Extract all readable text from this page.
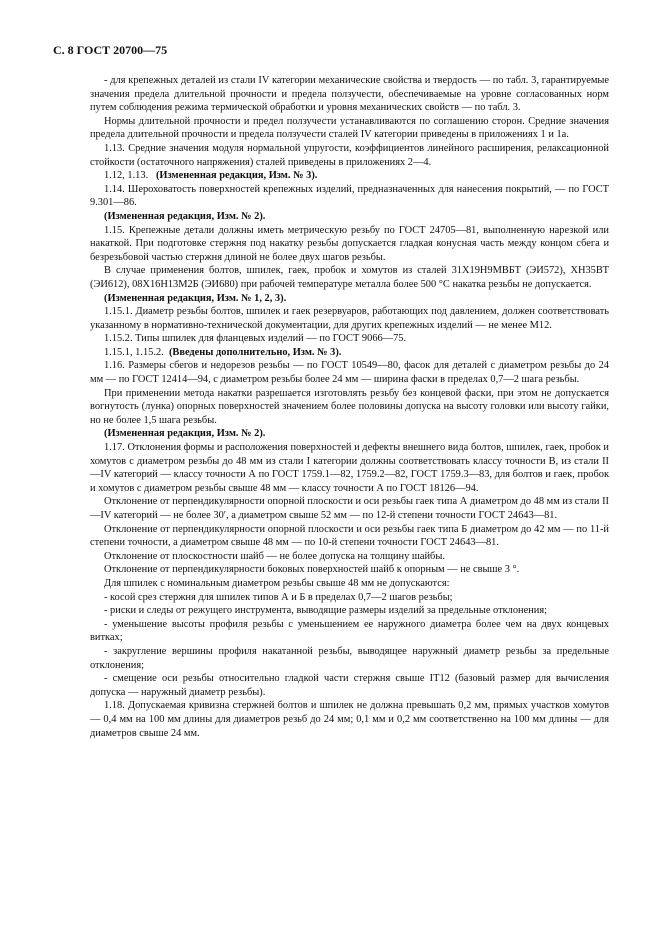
С. 8 ГОСТ 20700—75

- для крепежных деталей из стали IV категории механические свойства и твердость — по табл. 3, гарантируемые значения предела длительной прочности и предела ползучести, обеспечиваемые на уровне согласованных норм путем соблюдения режима термической обработки и уровня механических свойств — по табл. 3.

Нормы длительной прочности и предел ползучести устанавливаются по соглашению сторон. Средние значения предела длительной прочности и предела ползучести сталей IV категории приведены в приложениях 1 и 1а.

1.13. Средние значения модуля нормальной упругости, коэффициентов линейного расширения, релаксационной стойкости (остаточного напряжения) сталей приведены в приложениях 2—4.

1.12, 1.13. (Измененная редакция, Изм. № 3).

1.14. Шероховатость поверхностей крепежных изделий, предназначенных для нанесения покрытий, — по ГОСТ 9.301—86.

(Измененная редакция, Изм. № 2).

1.15. Крепежные детали должны иметь метрическую резьбу по ГОСТ 24705—81, выполненную нарезкой или накаткой. При подготовке стержня под накатку резьбы допускается гладкая конусная часть между концом сбега и безрезьбовой частью стержня длиной не более двух шагов резьбы.

В случае применения болтов, шпилек, гаек, пробок и хомутов из сталей 31Х19Н9МВБТ (ЭИ572), ХН35ВТ (ЭИ612), 08Х16Н13М2Б (ЭИ680) при рабочей температуре металла более 500 °С накатка резьбы не допускается.

(Измененная редакция, Изм. № 1, 2, 3).

1.15.1. Диаметр резьбы болтов, шпилек и гаек резервуаров, работающих под давлением, должен соответствовать указанному в нормативно-технической документации, для других крепежных изделий — не менее М12.

1.15.2. Типы шпилек для фланцевых изделий — по ГОСТ 9066—75.

1.15.1, 1.15.2. (Введены дополнительно, Изм. № 3).

1.16. Размеры сбегов и недорезов резьбы — по ГОСТ 10549—80, фасок для деталей с диаметром резьбы до 24 мм — по ГОСТ 12414—94, с диаметром резьбы более 24 мм — ширина фаски в пределах 0,7—2 шага резьбы.

При применении метода накатки разрешается изготовлять резьбу без концевой фаски, при этом не допускается вогнутость (лунка) опорных поверхностей значением более половины допуска на высоту головки или высоту гайки, но не более 1,5 шага резьбы.

(Измененная редакция, Изм. № 2).

1.17. Отклонения формы и расположения поверхностей и дефекты внешнего вида болтов, шпилек, гаек, пробок и хомутов с диаметром резьбы до 48 мм из стали I категории должны соответствовать классу точности В, из стали II—IV категорий — классу точности А по ГОСТ 1759.1—82, 1759.2—82, ГОСТ 1759.3—83, для болтов и гаек, пробок и хомутов с диаметром резьбы свыше 48 мм — классу точности А по ГОСТ 18126—94.

Отклонение от перпендикулярности опорной плоскости и оси резьбы гаек типа А диаметром до 48 мм из стали II—IV категорий — не более 30′, а диаметром свыше 52 мм — по 12-й степени точности ГОСТ 24643—81.

Отклонение от перпендикулярности опорной плоскости и оси резьбы гаек типа Б диаметром до 42 мм — по 11-й степени точности, а диаметром свыше 48 мм — по 10-й степени точности ГОСТ 24643—81.

Отклонение от плоскостности шайб — не более допуска на толщину шайбы.

Отклонение от перпендикулярности боковых поверхностей шайб к опорным — не свыше 3 °.

Для шпилек с номинальным диаметром резьбы свыше 48 мм не допускаются:

- косой срез стержня для шпилек типов А и Б в пределах 0,7—2 шагов резьбы;

- риски и следы от режущего инструмента, выводящие размеры изделий за предельные отклонения;

- уменьшение высоты профиля резьбы с уменьшением ее наружного диаметра более чем на двух концевых витках;

- закругление вершины профиля накатанной резьбы, выводящее наружный диаметр резьбы за предельные отклонения;

- смещение оси резьбы относительно гладкой части стержня свыше IT12 (базовый размер для вычисления допуска — наружный диаметр резьбы).

1.18. Допускаемая кривизна стержней болтов и шпилек не должна превышать 0,2 мм, прямых участков хомутов — 0,4 мм на 100 мм длины для диаметров резьб до 24 мм; 0,1 мм и 0,2 мм соответственно на 100 мм длины — для диаметров свыше 24 мм.
